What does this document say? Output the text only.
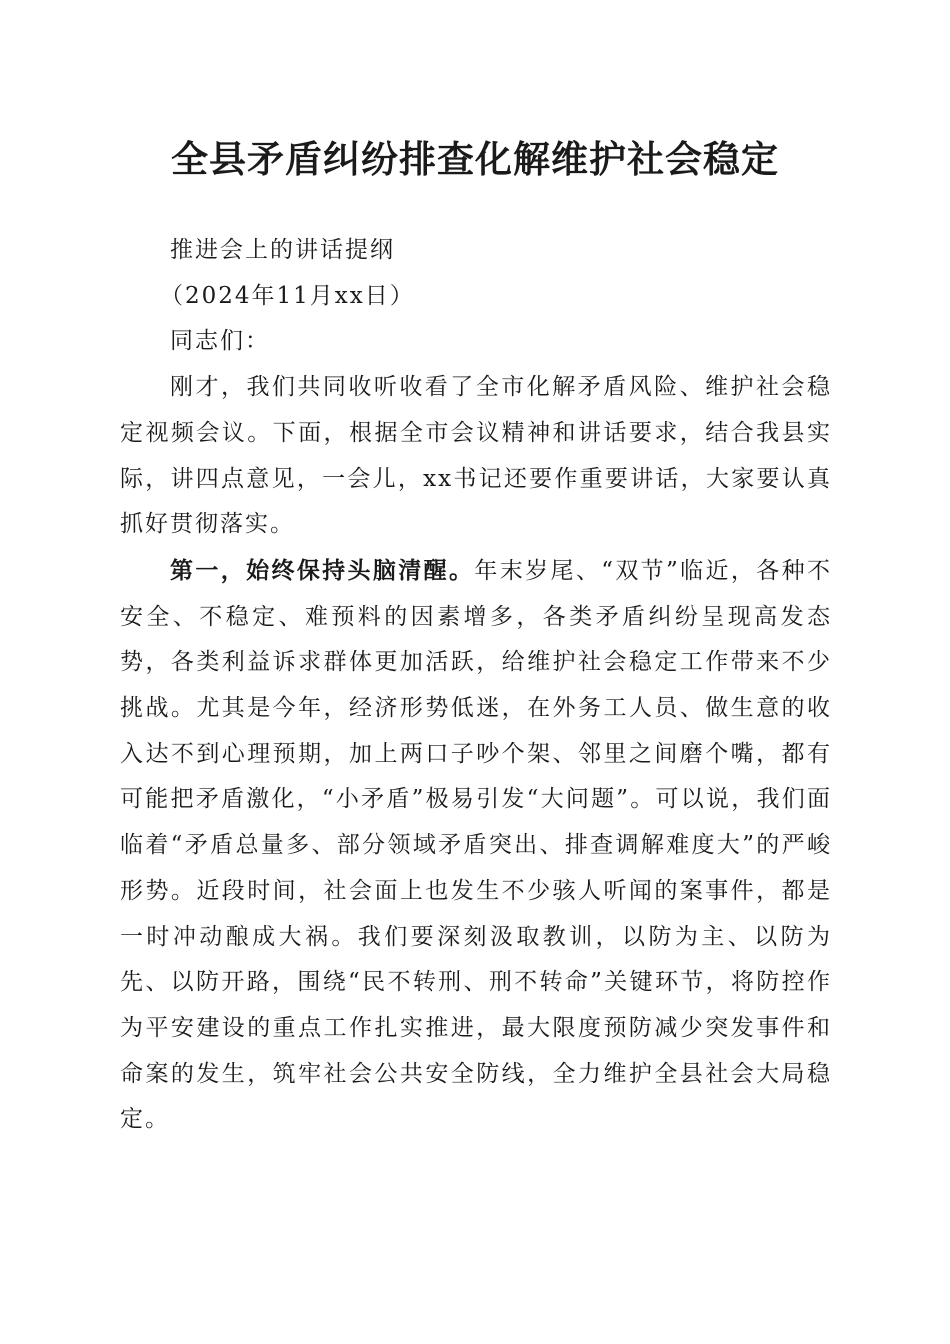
全县矛盾纠纷排查化解维护社会稳定

推进会上的讲话提纲

（2024年11月xx日）

同志们：

刚才，我们共同收听收看了全市化解矛盾风险、维护社会稳定视频会议。下面，根据全市会议精神和讲话要求，结合我县实际，讲四点意见，一会儿，xx书记还要作重要讲话，大家要认真抓好贯彻落实。

第一，始终保持头脑清醒。年末岁尾、“双节”临近，各种不安全、不稳定、难预料的因素增多，各类矛盾纠纷呈现高发态势，各类利益诉求群体更加活跃，给维护社会稳定工作带来不少挑战。尤其是今年，经济形势低迷，在外务工人员、做生意的收入达不到心理预期，加上两口子吵个架、邻里之间磨个嘴，都有可能把矛盾激化，“小矛盾”极易引发“大问题”。可以说，我们面临着“矛盾总量多、部分领域矛盾突出、排查调解难度大”的严峻形势。近段时间，社会面上也发生不少骇人听闻的案事件，都是一时冲动酿成大祸。我们要深刻汲取教训，以防为主、以防为先、以防开路，围绕“民不转刑、刑不转命”关键环节，将防控作为平安建设的重点工作扎实推进，最大限度预防减少突发事件和命案的发生，筑牢社会公共安全防线，全力维护全县社会大局稳定。
